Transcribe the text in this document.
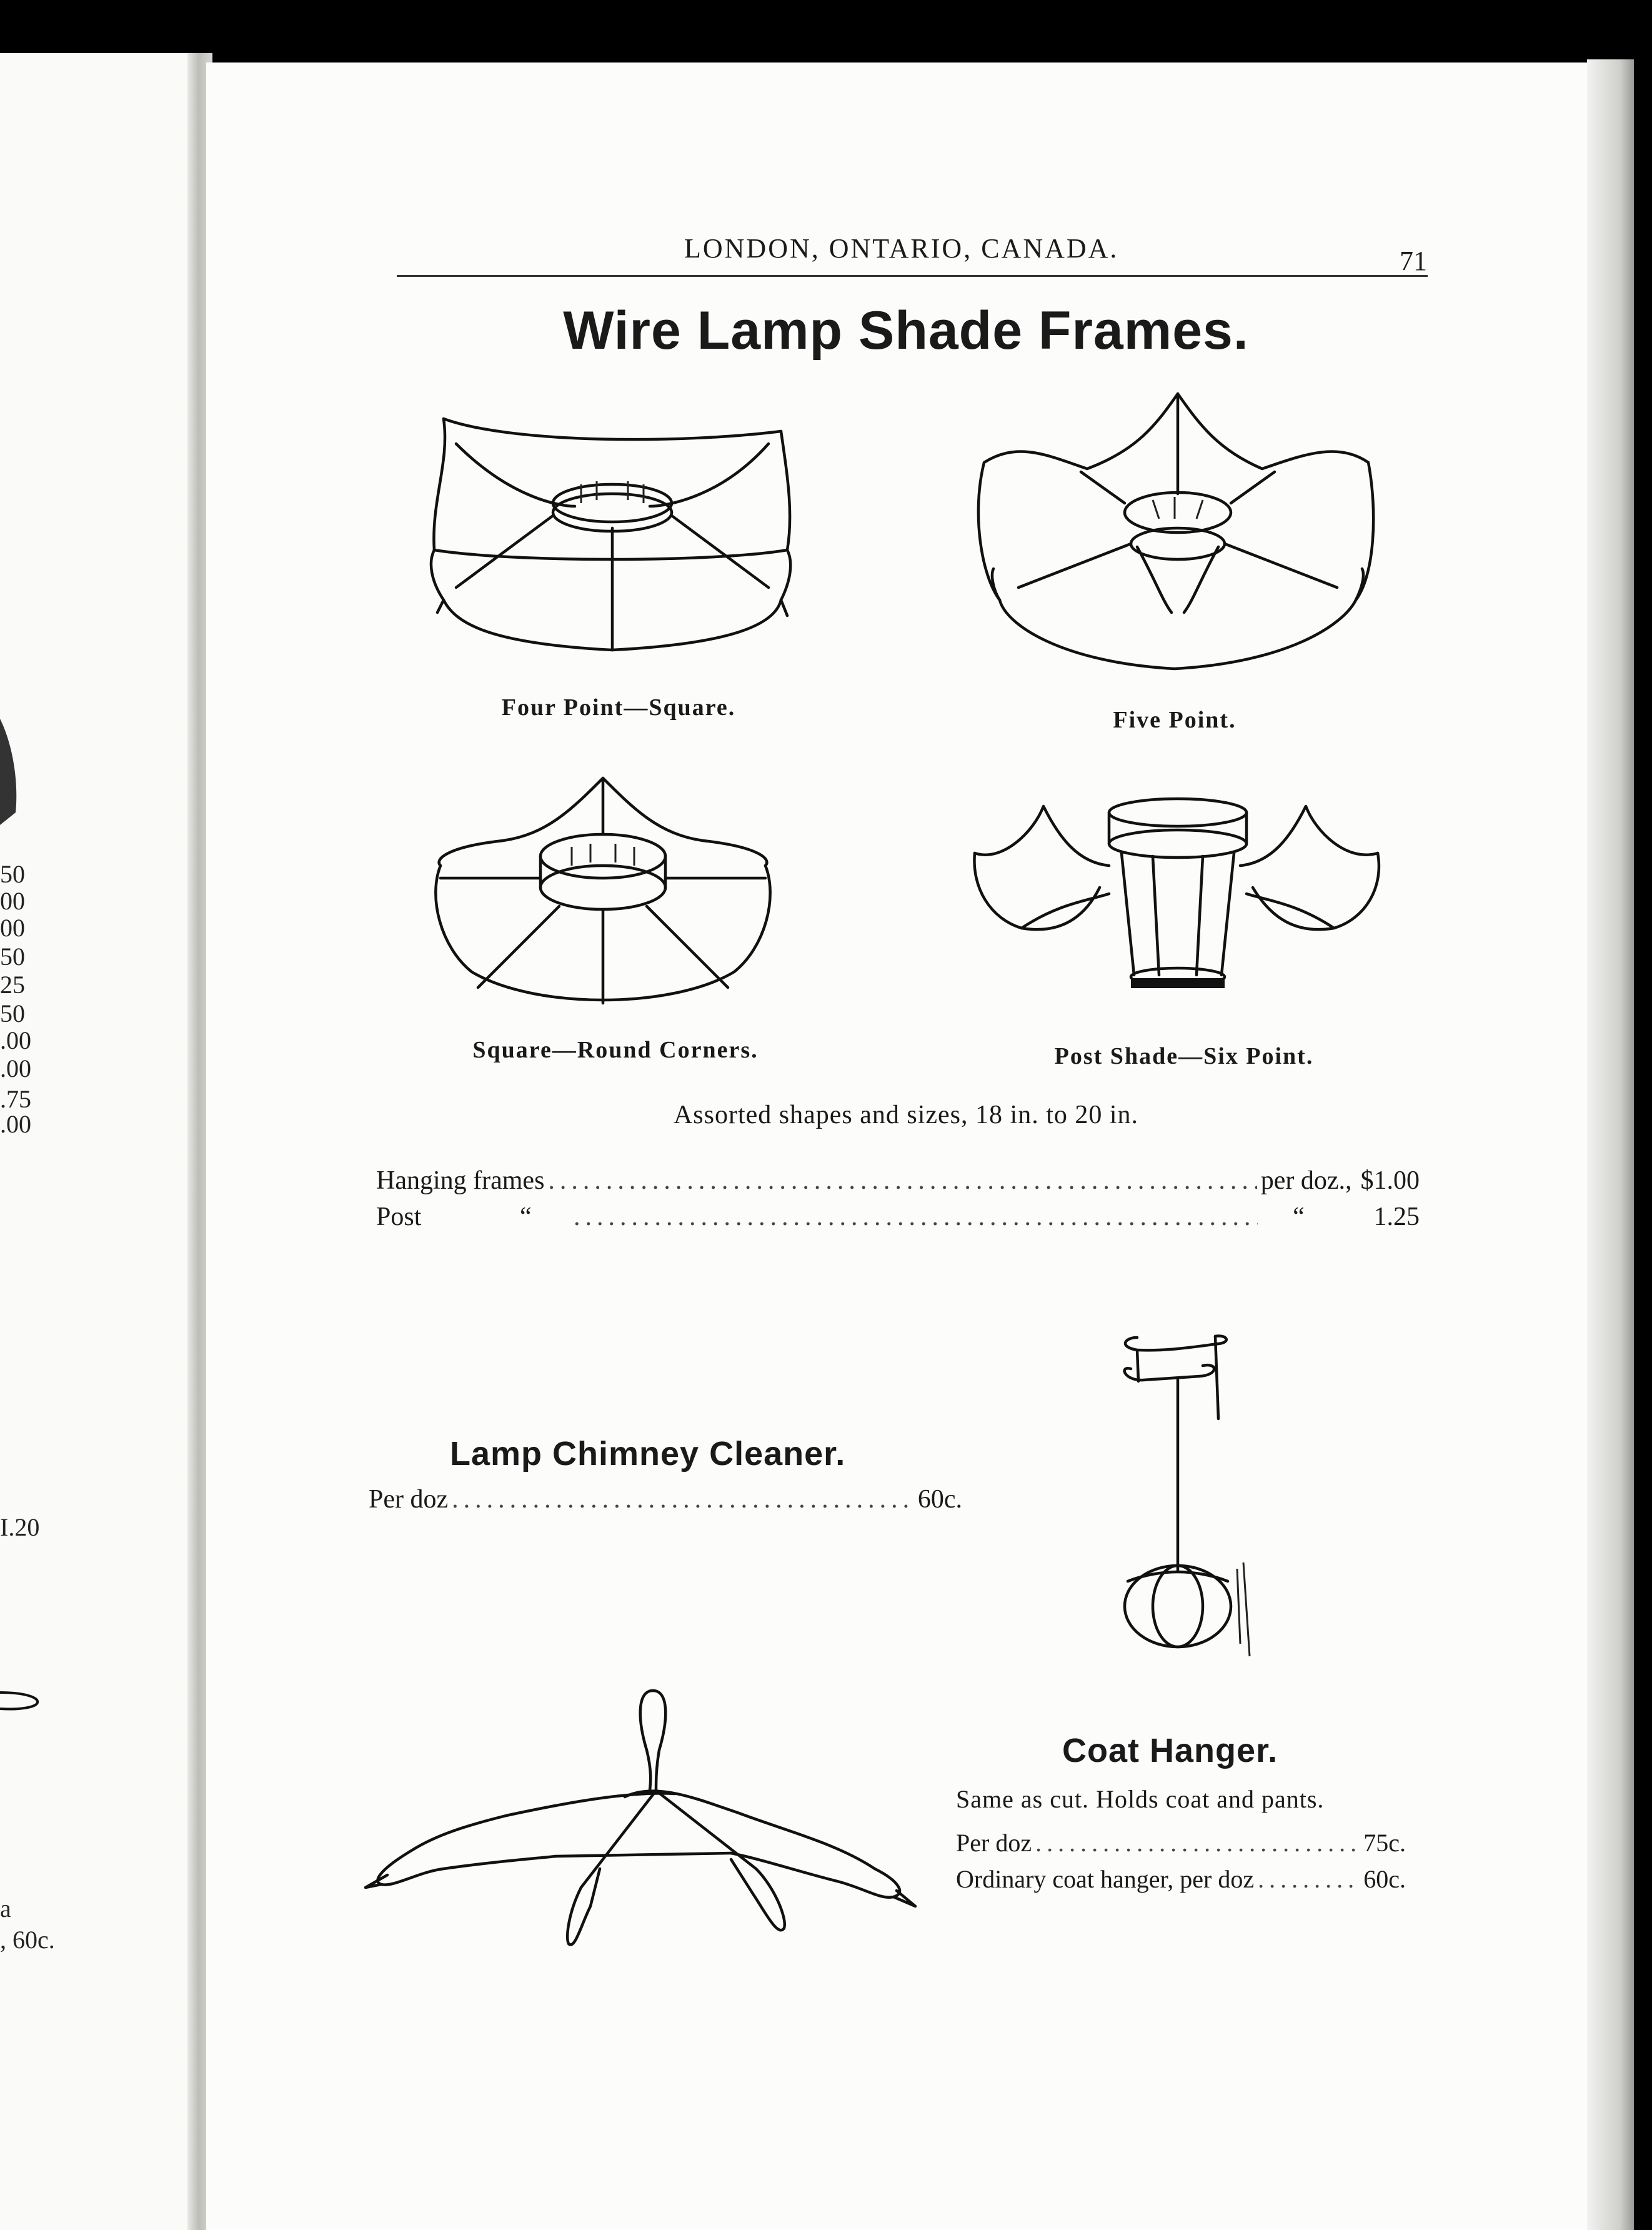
50
00
00
50
25
50
.00
.00
.75
.00
I.20
a
, 60c.
LONDON, ONTARIO, CANADA.	71
Wire Lamp Shade Frames.
Four Point—Square.	Five Point.
Square—Round Corners.	Post Shade—Six Point.
Assorted shapes and sizes, 18 in. to 20 in.
Hanging frames .....	per doz., $1.00
Post	“ .....	“	1.25
Lamp Chimney Cleaner.
Per doz .....	60c.
Coat Hanger.
Same as cut. Holds coat and pants.
Per doz .....	75c.
Ordinary coat hanger, per doz .....	60c.
